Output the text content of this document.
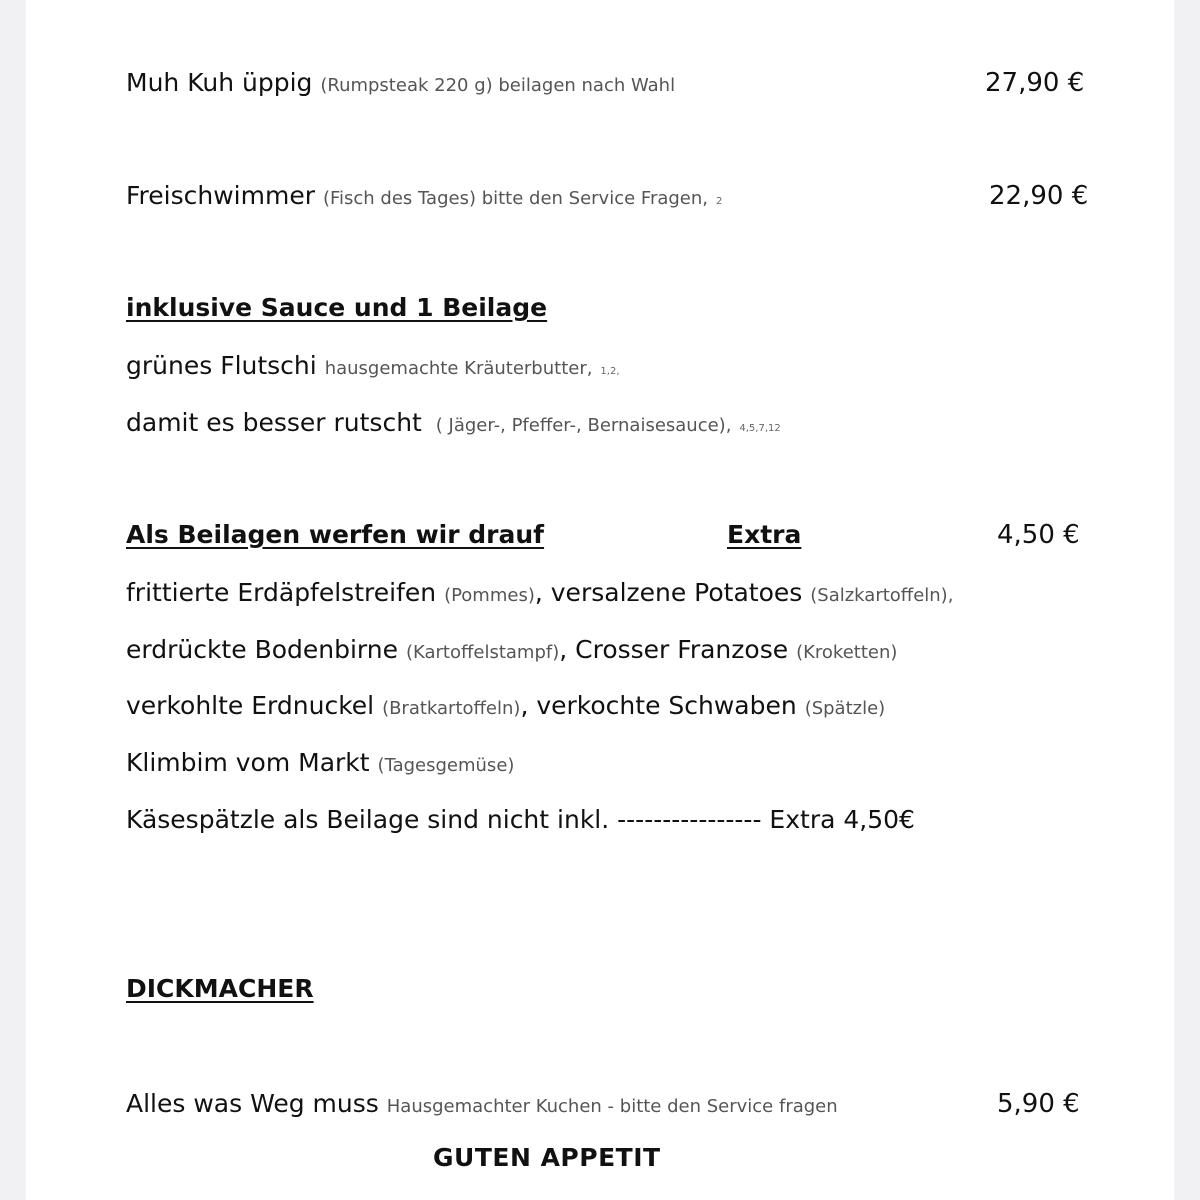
Muh Kuh üppig (Rumpsteak 220 g) beilagen nach Wahl	27,90 €
Freischwimmer (Fisch des Tages) bitte den Service Fragen, 2	22,90 €
inklusive Sauce und 1 Beilage
grünes Flutschi hausgemachte Kräuterbutter, 1,2,
damit es besser rutscht ( Jäger-, Pfeffer-, Bernaisesauce), 4,5,7,12
Als Beilagen werfen wir drauf	Extra	4,50 €
frittierte Erdäpfelstreifen (Pommes), versalzene Potatoes (Salzkartoffeln),
erdrückte Bodenbirne (Kartoffelstampf), Crosser Franzose (Kroketten)
verkohlte Erdnuckel (Bratkartoffeln), verkochte Schwaben (Spätzle)
Klimbim vom Markt (Tagesgemüse)
Käsespätzle als Beilage sind nicht inkl. ---------------- Extra 4,50€
DICKMACHER
Alles was Weg muss Hausgemachter Kuchen - bitte den Service fragen	5,90 €
GUTEN APPETIT
